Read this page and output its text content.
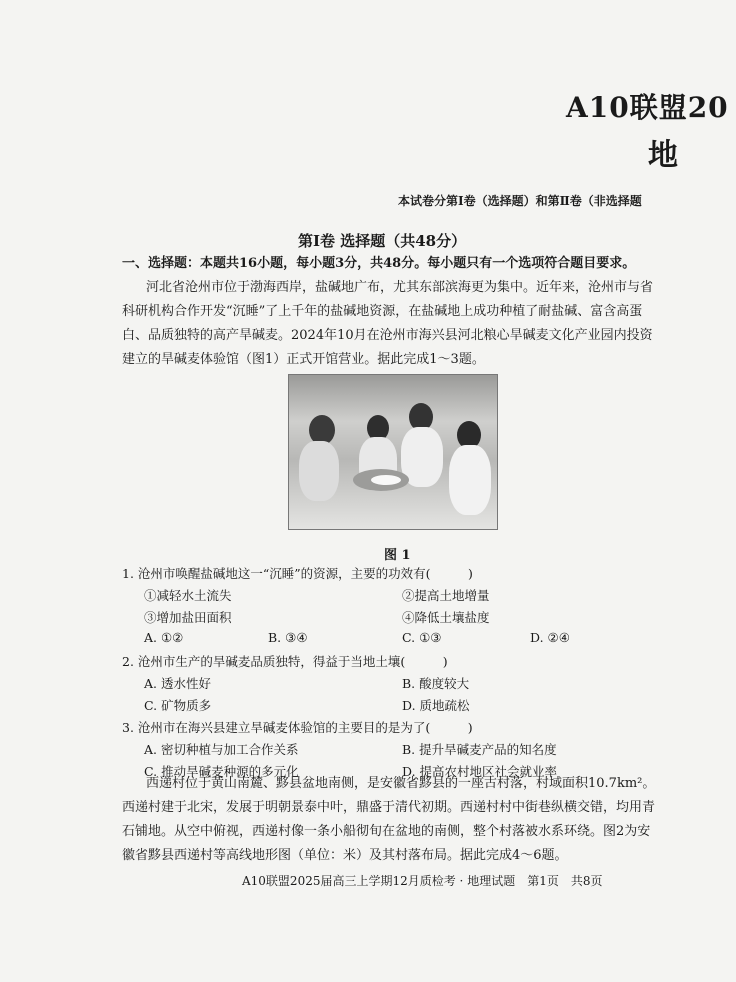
A10联盟20
地
本试卷分第Ⅰ卷（选择题）和第Ⅱ卷（非选择题
第Ⅰ卷 选择题（共48分）
一、选择题：本题共16小题，每小题3分，共48分。每小题只有一个选项符合题目要求。
河北省沧州市位于渤海西岸，盐碱地广布，尤其东部滨海更为集中。近年来，沧州市与省
科研机构合作开发“沉睡”了上千年的盐碱地资源，在盐碱地上成功种植了耐盐碱、富含高蛋
白、品质独特的高产旱碱麦。2024年10月在沧州市海兴县河北粮心旱碱麦文化产业园内投资
建立的旱碱麦体验馆（图1）正式开馆营业。据此完成1～3题。
图 1
1. 沧州市唤醒盐碱地这一“沉睡”的资源，主要的功效有(　　　)
①减轻水土流失	②提高土地增量
③增加盐田面积	④降低土壤盐度
A. ①②	B. ③④	C. ①③	D. ②④
2. 沧州市生产的旱碱麦品质独特，得益于当地土壤(　　　)
A. 透水性好	B. 酸度较大
C. 矿物质多	D. 质地疏松
3. 沧州市在海兴县建立旱碱麦体验馆的主要目的是为了(　　　)
A. 密切种植与加工合作关系	B. 提升旱碱麦产品的知名度
C. 推动旱碱麦种源的多元化	D. 提高农村地区社会就业率
西递村位于黄山南麓、黟县盆地南侧，是安徽省黟县的一座古村落，村域面积10.7km²。
西递村建于北宋，发展于明朝景泰中叶，鼎盛于清代初期。西递村村中街巷纵横交错，均用青
石铺地。从空中俯视，西递村像一条小船彻旬在盆地的南侧，整个村落被水系环绕。图2为安
徽省黟县西递村等高线地形图（单位：米）及其村落布局。据此完成4～6题。
A10联盟2025届高三上学期12月质检考 · 地理试题　第1页　共8页
